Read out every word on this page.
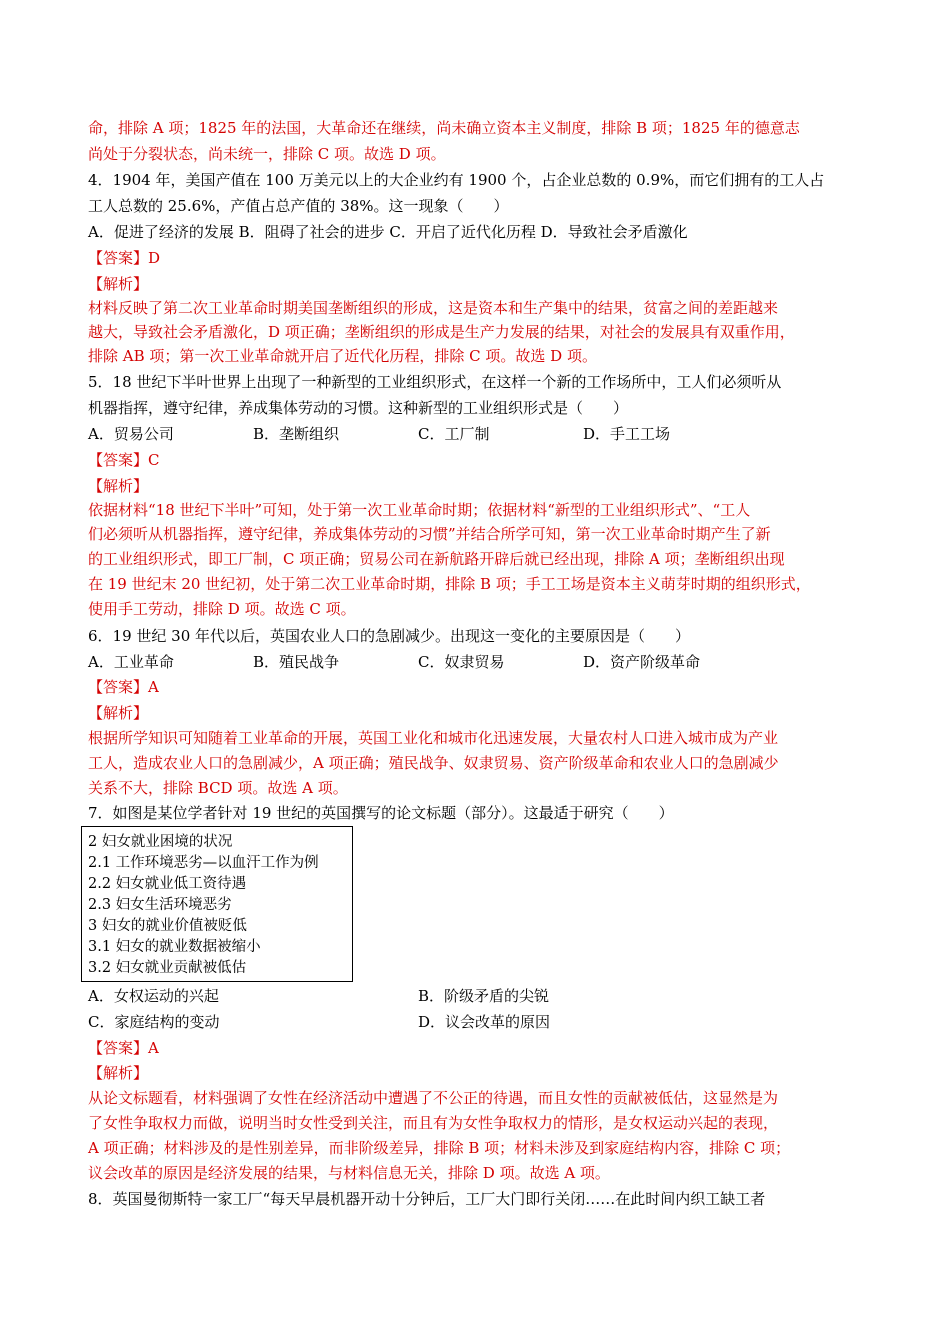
命，排除 A 项；1825 年的法国，大革命还在继续，尚未确立资本主义制度，排除 B 项；1825 年的德意志
尚处于分裂状态，尚未统一，排除 C 项。故选 D 项。
4．1904 年，美国产值在 100 万美元以上的大企业约有 1900 个，占企业总数的 0.9%，而它们拥有的工人占
工人总数的 25.6%，产值占总产值的 38%。这一现象（　　）
A．促进了经济的发展 B．阻碍了社会的进步 C．开启了近代化历程 D．导致社会矛盾激化
【答案】D
【解析】
材料反映了第二次工业革命时期美国垄断组织的形成，这是资本和生产集中的结果，贫富之间的差距越来
越大，导致社会矛盾激化，D 项正确；垄断组织的形成是生产力发展的结果，对社会的发展具有双重作用，
排除 AB 项；第一次工业革命就开启了近代化历程，排除 C 项。故选 D 项。
5．18 世纪下半叶世界上出现了一种新型的工业组织形式，在这样一个新的工作场所中，工人们必须听从
机器指挥，遵守纪律，养成集体劳动的习惯。这种新型的工业组织形式是（　　）
A．贸易公司	B．垄断组织	C．工厂制	D．手工工场
【答案】C
【解析】
依据材料“18 世纪下半叶”可知，处于第一次工业革命时期；依据材料“新型的工业组织形式”、“工人
们必须听从机器指挥，遵守纪律，养成集体劳动的习惯”并结合所学可知，第一次工业革命时期产生了新
的工业组织形式，即工厂制，C 项正确；贸易公司在新航路开辟后就已经出现，排除 A 项；垄断组织出现
在 19 世纪末 20 世纪初，处于第二次工业革命时期，排除 B 项；手工工场是资本主义萌芽时期的组织形式，
使用手工劳动，排除 D 项。故选 C 项。
6．19 世纪 30 年代以后，英国农业人口的急剧减少。出现这一变化的主要原因是（　　）
A．工业革命	B．殖民战争	C．奴隶贸易	D．资产阶级革命
【答案】A
【解析】
根据所学知识可知随着工业革命的开展，英国工业化和城市化迅速发展，大量农村人口进入城市成为产业
工人，造成农业人口的急剧减少，A 项正确；殖民战争、奴隶贸易、资产阶级革命和农业人口的急剧减少
关系不大，排除 BCD 项。故选 A 项。
7．如图是某位学者针对 19 世纪的英国撰写的论文标题（部分）。这最适于研究（　　）
2 妇女就业困境的状况
2.1 工作环境恶劣—以血汗工作为例
2.2 妇女就业低工资待遇
2.3 妇女生活环境恶劣
3 妇女的就业价值被贬低
3.1 妇女的就业数据被缩小
3.2 妇女就业贡献被低估
A．女权运动的兴起	B．阶级矛盾的尖锐
C．家庭结构的变动	D．议会改革的原因
【答案】A
【解析】
从论文标题看，材料强调了女性在经济活动中遭遇了不公正的待遇，而且女性的贡献被低估，这显然是为
了女性争取权力而做，说明当时女性受到关注，而且有为女性争取权力的情形，是女权运动兴起的表现，
A 项正确；材料涉及的是性别差异，而非阶级差异，排除 B 项；材料未涉及到家庭结构内容，排除 C 项；
议会改革的原因是经济发展的结果，与材料信息无关，排除 D 项。故选 A 项。
8．英国曼彻斯特一家工厂“每天早晨机器开动十分钟后，工厂大门即行关闭……在此时间内织工缺工者
